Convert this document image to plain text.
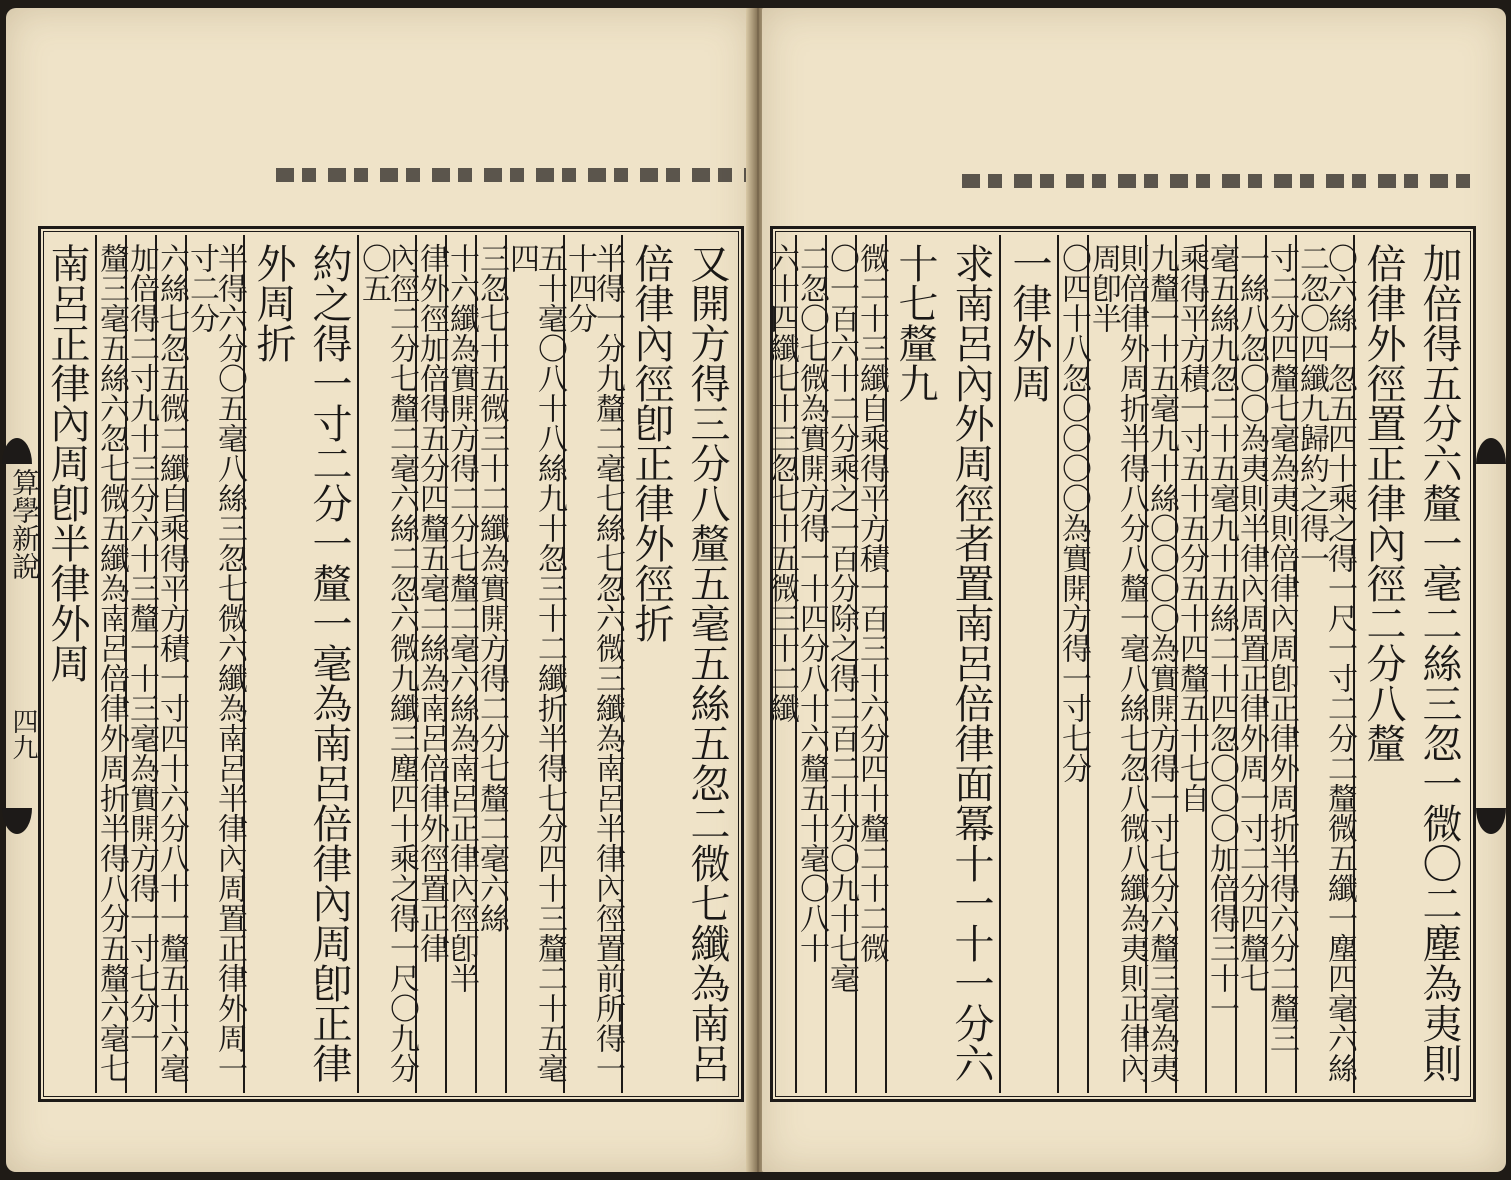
又開方得三分八釐五毫五絲五忽二微七纖為南呂倍律內徑卽正律外徑折
半得一分九釐二毫七絲七忽六微三纖為南呂半律內徑置前所得一十四分
五十毫〇八十八絲九十忽三十二纖折半得七分四十三釐二十五毫四
三忽七十五微三十二纖為實開方得二分七釐二毫六絲
十六纖為實開方得二分七釐二毫六絲為南呂正律內徑卽半
律外徑加倍得五分四釐五毫二絲為南呂倍律外徑置正律
內徑二分七釐二毫六絲二忽六微九纖三塵四十乘之得一尺〇九分〇五
約之得一寸二分一釐一毫為南呂倍律內周卽正律外周折
半得六分〇五毫八絲三忽七微六纖為南呂半律內周置正律外周一寸二分
六絲七忽五微二纖自乘得平方積一寸四十六分八十一釐五十六毫
加倍得二寸九十三分六十三釐一十三毫為實開方得一寸七分一
釐三毫五絲六忽七微五纖為南呂倍律外周折半得八分五釐六毫七
南呂正律內周卽半律外周
算學新說
四九	加倍得五分六釐一毫二絲三忽一微〇二塵為夷則倍律外徑置正律內徑二分八釐
〇六絲一忽五四十乘之得一尺一寸二分二釐微五纖一塵四毫六絲二忽〇四纖九歸約之得一
寸二分四釐七毫為夷則倍律內周卽正律外周折半得六分二釐三
一絲八忽〇〇為夷則半律內周置正律外周一寸二分四釐七
毫五絲九忽二十五毫九十五絲二十四忽〇〇〇加倍得三十一
乘得平方積一寸五十五分五十四釐五十七自
九釐一十五毫九十絲〇〇〇〇為實開方得一寸七分六釐三毫為夷
則倍律外周折半得八分八釐一毫八絲七忽八微八纖為夷則正律內周卽半
〇四十八忽〇〇〇〇為實開方得一寸七分
一律外周
求南呂內外周徑者置南呂倍律面冪十一十一分六十七釐九
微二十三纖自乘得平方積一百三十六分四十釐二十二微
〇一百六十二分乘之一百分除之得二百二十分〇九十七毫
二忽〇七微為實開方得一十四分八十六釐五十毫〇八十
六十四纖七十三忽七十五微三十二纖
